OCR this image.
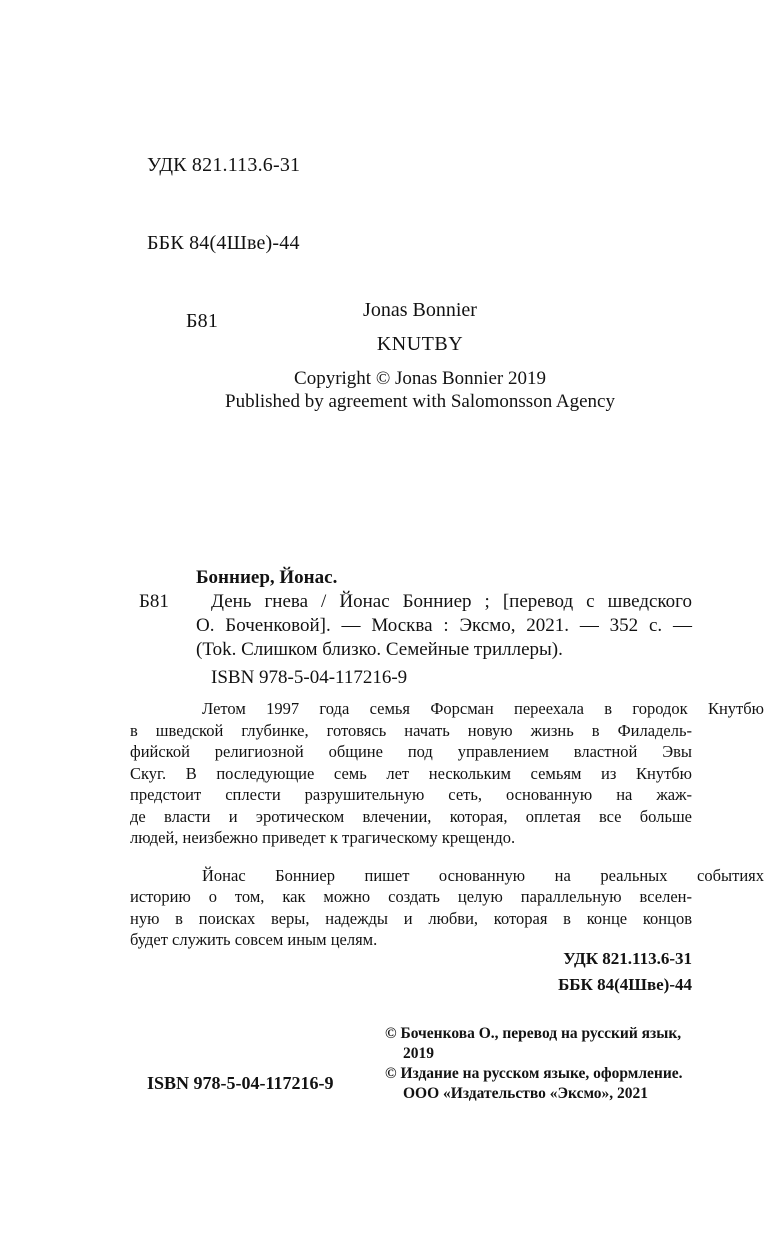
УДК 821.113.6-31

ББК 84(4Шве)-44

Б81

	Jonas Bonnier
KNUTBY
Copyright © Jonas Bonnier 2019
Published by agreement with Salomonsson Agency
Б81
Бонниер, Йонас.
День гнева / Йонас Бонниер ; [перевод с шведского
О. Боченковой]. — Москва : Эксмо, 2021. — 352 с. —
(Tok. Слишком близко. Семейные триллеры).
ISBN 978-5-04-117216-9
Летом 1997 года семья Форсман переехала в городок Кнутбю
в шведской глубинке, готовясь начать новую жизнь в Филадель-
фийской религиозной общине под управлением властной Эвы
Скуг. В последующие семь лет нескольким семьям из Кнутбю
предстоит сплести разрушительную сеть, основанную на жаж-
де власти и эротическом влечении, которая, оплетая все больше
людей, неизбежно приведет к трагическому крещендо.
Йонас Бонниер пишет основанную на реальных событиях
историю о том, как можно создать целую параллельную вселен-
ную в поисках веры, надежды и любви, которая в конце концов
будет служить совсем иным целям.
УДК 821.113.6-31
ББК 84(4Шве)-44
© Боченкова О., перевод на русский язык,
2019
© Издание на русском языке, оформление.
ООО «Издательство «Эксмо», 2021
ISBN 978-5-04-117216-9
